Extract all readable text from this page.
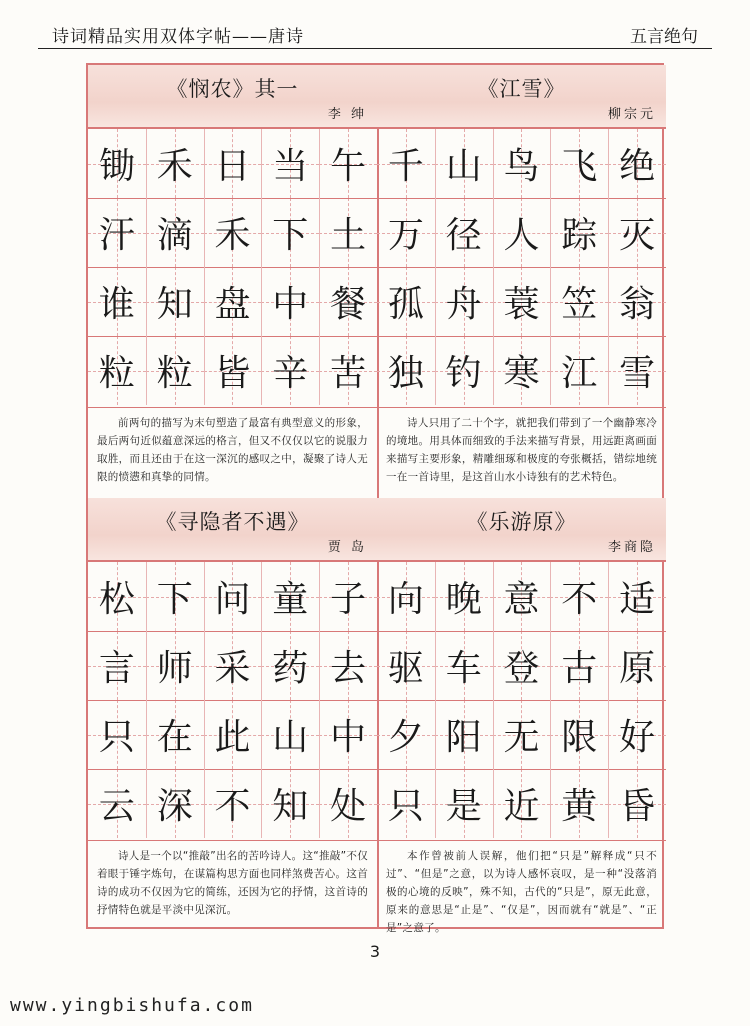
诗词精品实用双体字帖——唐诗	五言绝句
《悯农》其一
李 绅
锄 禾 日 当 午
汗 滴 禾 下 土
谁 知 盘 中 餐
粒 粒 皆 辛 苦
前两句的描写为末句塑造了最富有典型意义的形象，最后两句近似蕴意深远的格言，但又不仅仅以它的说服力取胜，而且还由于在这一深沉的感叹之中，凝聚了诗人无限的愤懑和真挚的同情。
《江雪》
柳宗元
千 山 鸟 飞 绝
万 径 人 踪 灭
孤 舟 蓑 笠 翁
独 钓 寒 江 雪
诗人只用了二十个字，就把我们带到了一个幽静寒冷的境地。用具体而细致的手法来描写背景，用远距离画面来描写主要形象，精雕细琢和极度的夸张概括，错综地统一在一首诗里，是这首山水小诗独有的艺术特色。
《寻隐者不遇》
贾 岛
松 下 问 童 子
言 师 采 药 去
只 在 此 山 中
云 深 不 知 处
诗人是一个以“推敲”出名的苦吟诗人。这“推敲”不仅着眼于锤字炼句，在谋篇构思方面也同样煞费苦心。这首诗的成功不仅因为它的简练，还因为它的抒情，这首诗的抒情特色就是平淡中见深沉。
《乐游原》
李商隐
向 晚 意 不 适
驱 车 登 古 原
夕 阳 无 限 好
只 是 近 黄 昏
本作曾被前人误解，他们把“只是”解释成“只不过”、“但是”之意，以为诗人感怀哀叹，是一种“没落消极的心境的反映”，殊不知，古代的“只是”，原无此意，原来的意思是“止是”、“仅是”，因而就有“就是”、“正是”之意了。
3
www.yingbishufa.com
